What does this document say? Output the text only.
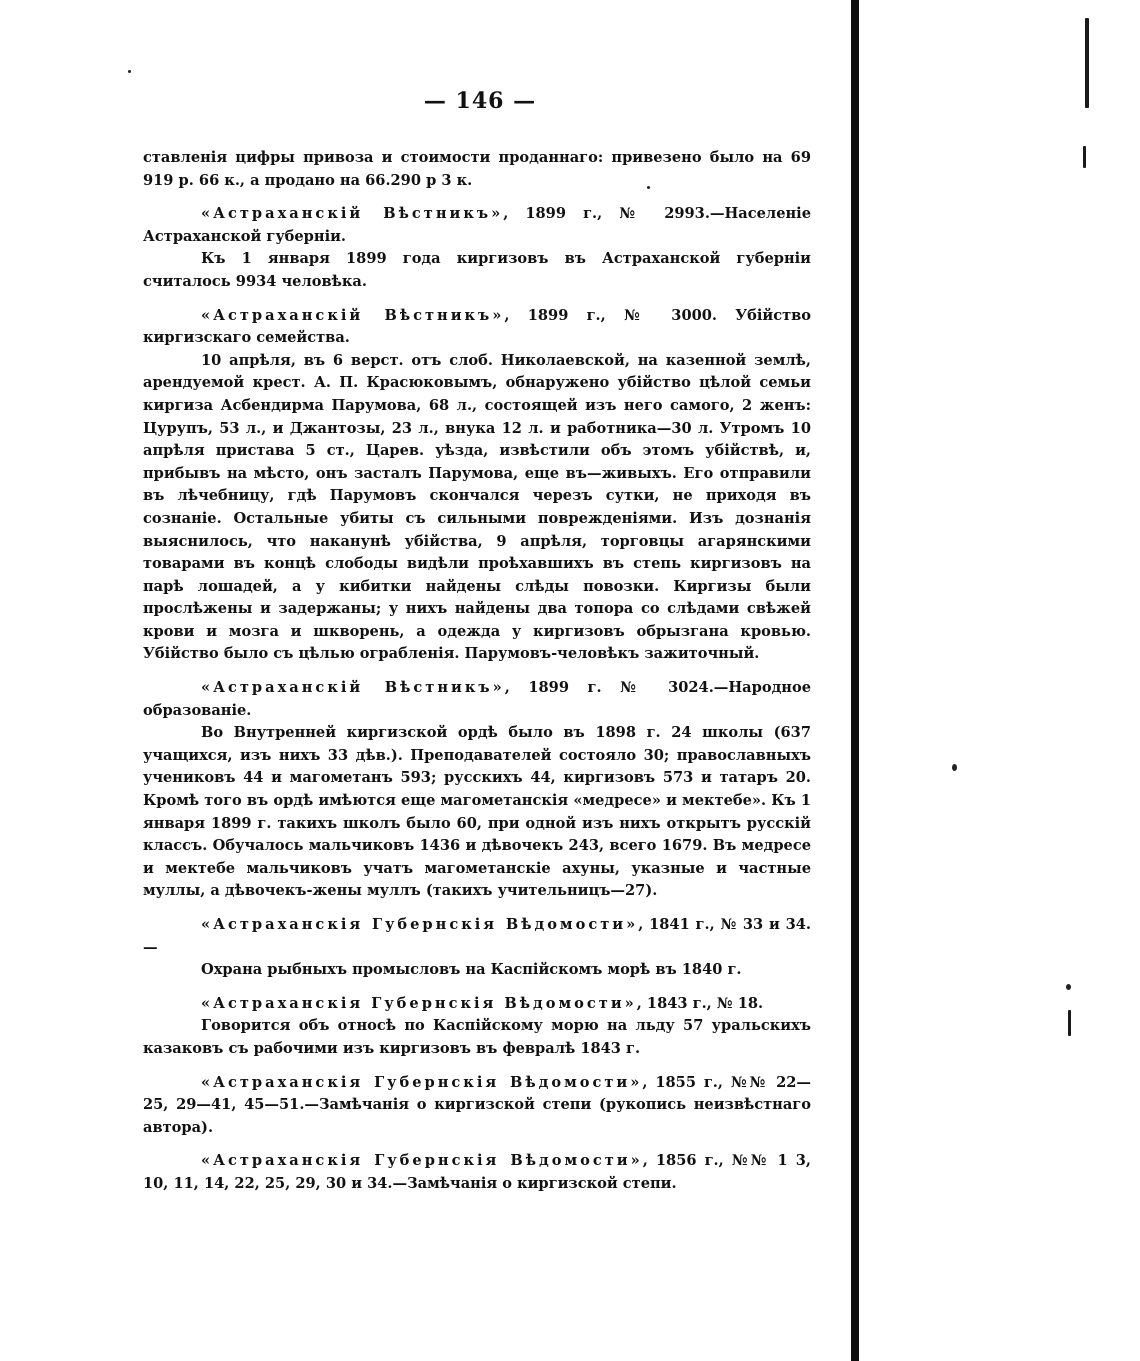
— 146 —

ставленія цифры привоза и стоимости проданнаго: привезено было на 69 919 р. 66 к., а продано на 66.290 р 3 к.

«Астраханскій Вѣстникъ», 1899 г., № 2993.—Населеніе Астраханской губерніи.

Къ 1 января 1899 года киргизовъ въ Астраханской губерніи считалось 9934 человѣка.

«Астраханскій Вѣстникъ», 1899 г., № 3000. Убійство киргизскаго семейства.

10 апрѣля, въ 6 верст. отъ слоб. Николаевской, на казенной землѣ, арендуемой крест. А. П. Красюковымъ, обнаружено убійство цѣлой семьи киргиза Асбендирма Парумова, 68 л., состоящей изъ него самого, 2 женъ: Цурупъ, 53 л., и Джантозы, 23 л., внука 12 л. и работника—30 л. Утромъ 10 апрѣля пристава 5 ст., Царев. уѣзда, извѣстили объ этомъ убійствѣ, и, прибывъ на мѣсто, онъ засталъ Парумова, еще въ—живыхъ. Его отправили въ лѣчебницу, гдѣ Парумовъ скончался черезъ сутки, не приходя въ сознаніе. Остальные убиты съ сильными поврежденіями. Изъ дознанія выяснилось, что наканунѣ убійства, 9 апрѣля, торговцы агарянскими товарами въ концѣ слободы видѣли проѣхавшихъ въ степь киргизовъ на парѣ лошадей, а у кибитки найдены слѣды повозки. Киргизы были прослѣжены и задержаны; у нихъ найдены два топора со слѣдами свѣжей крови и мозга и шкворень, а одежда у киргизовъ обрызгана кровью. Убійство было съ цѣлью ограбленія. Парумовъ-человѣкъ зажиточный.

«Астраханскій Вѣстникъ», 1899 г. № 3024.—Народное образованіе.

Во Внутренней киргизской ордѣ было въ 1898 г. 24 школы (637 учащихся, изъ нихъ 33 дѣв.). Преподавателей состояло 30; православныхъ учениковъ 44 и магометанъ 593; русскихъ 44, киргизовъ 573 и татаръ 20. Кромѣ того въ ордѣ имѣются еще магометанскія «медресе» и мектебе». Къ 1 января 1899 г. такихъ школъ было 60, при одной изъ нихъ открытъ русскій классъ. Обучалось мальчиковъ 1436 и дѣвочекъ 243, всего 1679. Въ медресе и мектебе мальчиковъ учатъ магометанскіе ахуны, указные и частные муллы, а дѣвочекъ-жены муллъ (такихъ учительницъ—27).

«Астраханскія Губернскія Вѣдомости», 1841 г., № 33 и 34.—

Охрана рыбныхъ промысловъ на Каспійскомъ морѣ въ 1840 г.

«Астраханскія Губернскія Вѣдомости», 1843 г., № 18.

Говорится объ относѣ по Каспійскому морю на льду 57 уральскихъ казаковъ съ рабочими изъ киргизовъ въ февралѣ 1843 г.

«Астраханскія Губернскія Вѣдомости», 1855 г., №№ 22—25, 29—41, 45—51.—Замѣчанія о киргизской степи (рукопись неизвѣстнаго автора).

«Астраханскія Губернскія Вѣдомости», 1856 г., №№ 1 3, 10, 11, 14, 22, 25, 29, 30 и 34.—Замѣчанія о киргизской степи.
